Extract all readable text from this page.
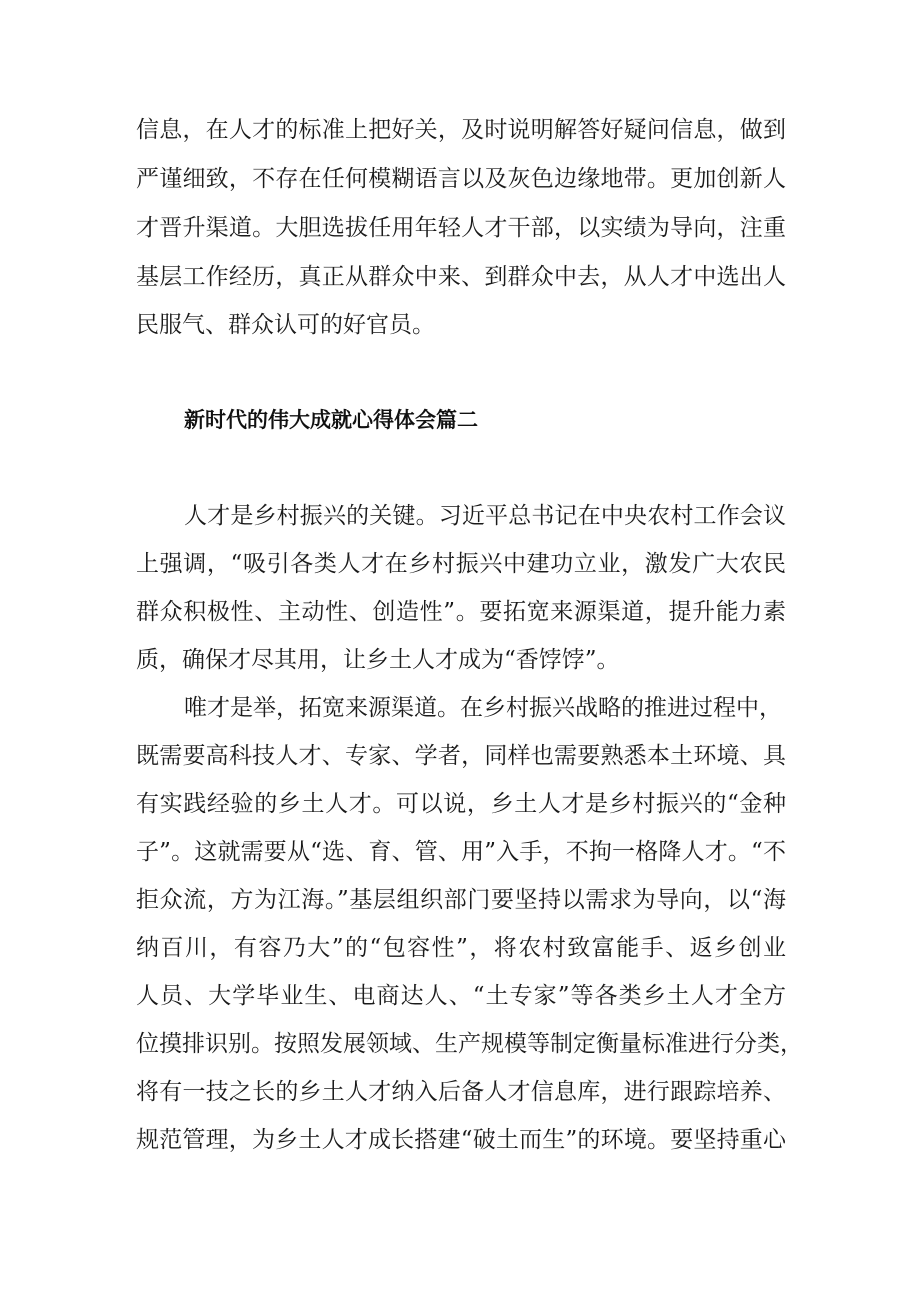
信息，在人才的标准上把好关，及时说明解答好疑问信息，做到
严谨细致，不存在任何模糊语言以及灰色边缘地带。更加创新人
才晋升渠道。大胆选拔任用年轻人才干部，以实绩为导向，注重
基层工作经历，真正从群众中来、到群众中去，从人才中选出人
民服气、群众认可的好官员。
新时代的伟大成就心得体会篇二
人才是乡村振兴的关键。习近平总书记在中央农村工作会议
上强调，“吸引各类人才在乡村振兴中建功立业，激发广大农民
群众积极性、主动性、创造性”。要拓宽来源渠道，提升能力素
质，确保才尽其用，让乡土人才成为“香饽饽”。
唯才是举，拓宽来源渠道。在乡村振兴战略的推进过程中，
既需要高科技人才、专家、学者，同样也需要熟悉本土环境、具
有实践经验的乡土人才。可以说，乡土人才是乡村振兴的“金种
子”。这就需要从“选、育、管、用”入手，不拘一格降人才。“不
拒众流，方为江海。”基层组织部门要坚持以需求为导向，以“海
纳百川，有容乃大”的“包容性”，将农村致富能手、返乡创业
人员、大学毕业生、电商达人、“土专家”等各类乡土人才全方
位摸排识别。按照发展领域、生产规模等制定衡量标准进行分类，
将有一技之长的乡土人才纳入后备人才信息库，进行跟踪培养、
规范管理，为乡土人才成长搭建“破土而生”的环境。要坚持重心
